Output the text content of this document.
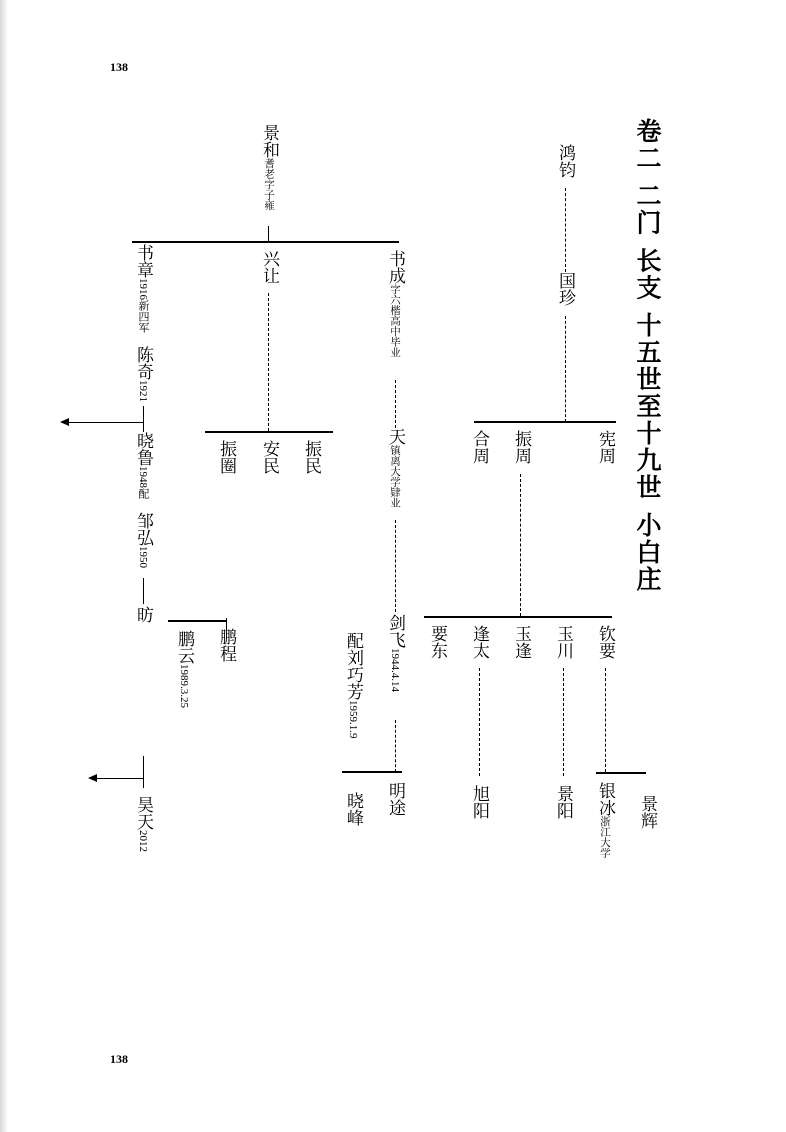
138
138
卷二 二门 长支 十五世至十九世 小白庄
景和耆老字子雍
兴让	书成字六楷高中毕业
书章1916新四军
陈奇1921
晓鲁1948配
邹弘1950
昉
昊天2012
鹏云1989.3.25
振圈
鹏程
安民 振民
天镇离大学肄业
剑飞1944.4.14
配刘巧芳1959.1.9
明途
晓峰
鸿钧
国珍
合周 振周	宪周
要东 逢太 玉逢 玉川 钦要
旭阳	景阳 银冰浙江大学
景辉
